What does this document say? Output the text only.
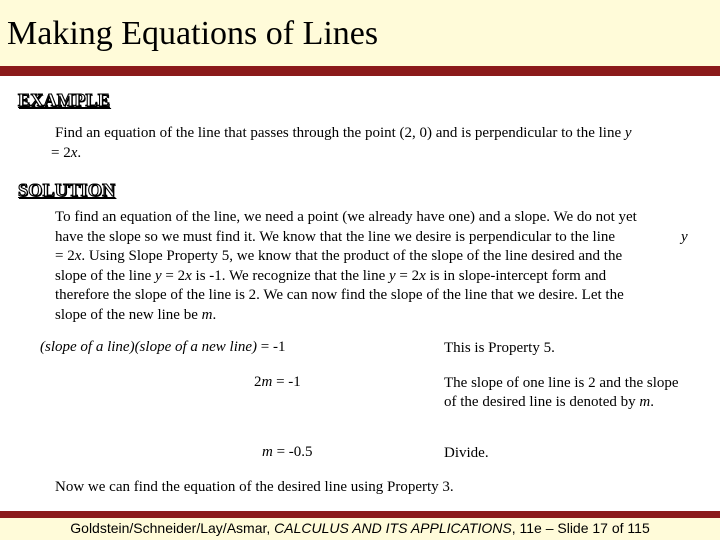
Making Equations of Lines
EXAMPLE
Find an equation of the line that passes through the point (2, 0) and is perpendicular to the line y
= 2x.
SOLUTION
To find an equation of the line, we need a point (we already have one) and a slope. We do not yet
have the slope so we must find it. We know that the line we desire is perpendicular to the line	y
= 2x. Using Slope Property 5, we know that the product of the slope of the line desired and the
slope of the line y = 2x is -1. We recognize that the line y = 2x is in slope-intercept form and
therefore the slope of the line is 2. We can now find the slope of the line that we desire. Let the
slope of the new line be m.
(slope of a line)(slope of a new line) = -1	This is Property 5.
2m = -1	The slope of one line is 2 and the slope
of the desired line is denoted by m.
m = -0.5	Divide.
Now we can find the equation of the desired line using Property 3.
Goldstein/Schneider/Lay/Asmar, CALCULUS AND ITS APPLICATIONS, 11e – Slide 17 of 115
